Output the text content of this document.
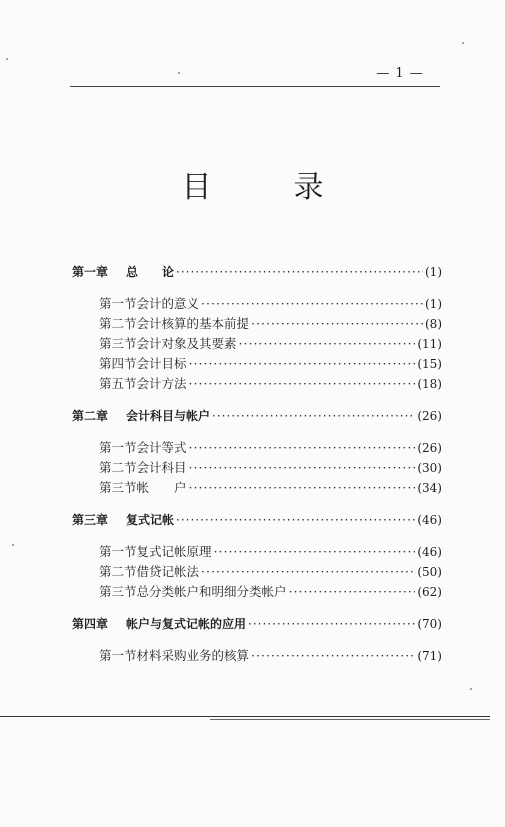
— 1 —
目	录
第一章	总　　论 ·····	(1)
第一节 会计的意义 ·····	(1)
第二节 会计核算的基本前提 ·····	(8)
第三节 会计对象及其要素 ·····	(11)
第四节 会计目标 ·····	(15)
第五节 会计方法 ·····	(18)
第二章	会计科目与帐户 ·····	(26)
第一节 会计等式 ·····	(26)
第二节 会计科目 ·····	(30)
第三节 帐　　户 ·····	(34)
第三章	复式记帐 ·····	(46)
第一节 复式记帐原理 ·····	(46)
第二节 借贷记帐法 ·····	(50)
第三节 总分类帐户和明细分类帐户 ·····	(62)
第四章	帐户与复式记帐的应用 ·····	(70)
第一节 材料采购业务的核算 ·····	(71)
